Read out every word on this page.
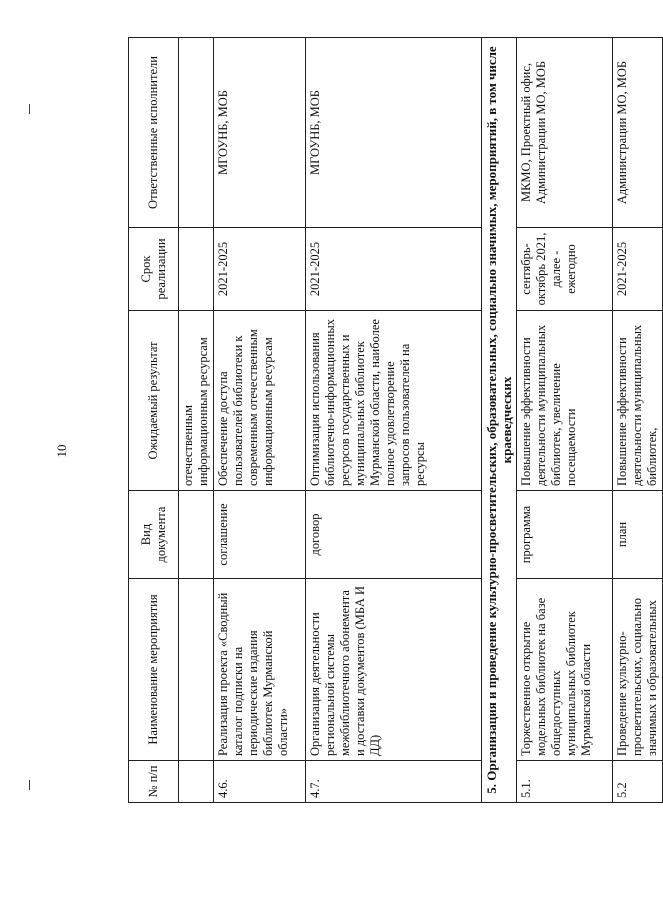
10
№ п/п	Наименование мероприятия	Вид документа	Ожидаемый результат	Срок реализации	Ответственные исполнители
			отечественным информационным ресурсам		
4.6.	Реализация проекта «Сводный каталог подписки на периодические издания библиотек Мурманской области»	соглашение	Обеспечение доступа пользователей библиотеки к современным отечественным информационным ресурсам	2021-2025	МГОУНБ, МОБ
4.7.	Организация деятельности региональной системы межбиблиотечного абонемента и доставки документов (МБА И ДД)	договор	Оптимизация использования библиотечно-информационных ресурсов государственных и муниципальных библиотек Мурманской области, наиболее полное удовлетворение запросов пользователей на ресурсы	2021-2025	МГОУНБ, МОБ
5. Организация и проведение культурно-просветительских, образовательных, социально значимых, мероприятий, в том числе краеведческих					
5.1.	Торжественное открытие модельных библиотек на базе общедоступных муниципальных библиотек Мурманской области	программа	Повышение эффективности деятельности муниципальных библиотек, увеличение посещаемости	сентябрь-октябрь 2021, далее - ежегодно	МКМО, Проектный офис, Администрации МО, МОБ
5.2	Проведение культурно-просветительских, социально значимых и образовательных	план	Повышение эффективности деятельности муниципальных библиотек,	2021-2025	Администрации МО, МОБ
